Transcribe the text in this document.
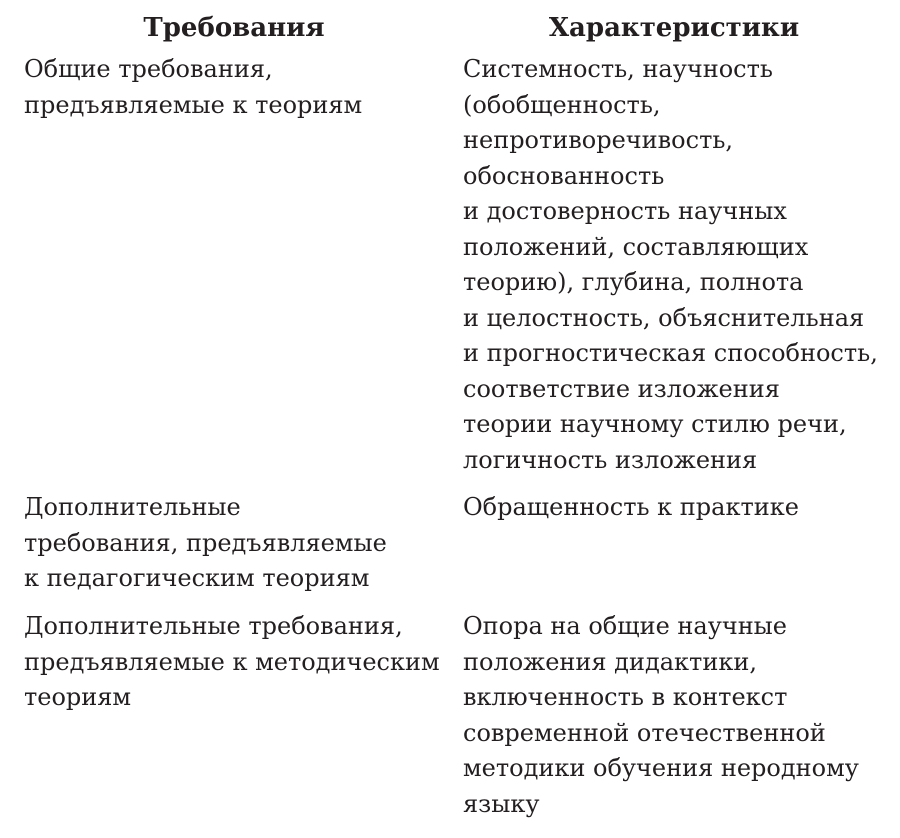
Требования	Характеристики
Общие требования,
предъявляемые к теориям
Системность, научность
(обобщенность,
непротиворечивость,
обоснованность
и достоверность научных
положений, составляющих
теорию), глубина, полнота
и целостность, объяснительная
и прогностическая способность,
соответствие изложения
теории научному стилю речи,
логичность изложения
Дополнительные
требования, предъявляемые
к педагогическим теориям
Обращенность к практике
Дополнительные требования,
предъявляемые к методическим
теориям
Опора на общие научные
положения дидактики,
включенность в контекст
современной отечественной
методики обучения неродному
языку
